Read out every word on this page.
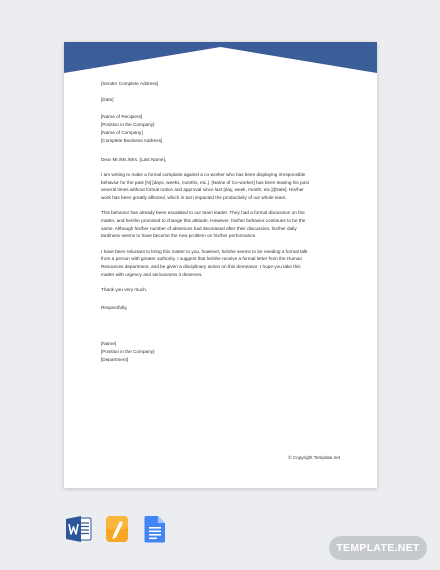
[Sender Complete Address]
[Date]
[Name of Recipient]
[Position in the Company]
[Name of Company]
[Complete Business Address]
Dear Mr./Ms./Mrs. [Last Name],
I am writing to make a formal complaint against a co-worker who has been displaying irresponsible
behavior for the past [N] [days, weeks, months, etc.]. [Name of Co-worker] has been leaving his post
several times without formal notice and approval since last [day, week, month, etc.]/[Date]. His/her
work has been greatly affected, which in turn impacted the productivity of our whole team.
This behavior has already been escalated to our team leader. They had a formal discussion on the
matter, and he/she promised to change this attitude. However, his/her behavior continues to be the
same. Although his/her number of absences had decreased after their discussion, his/her daily
tardiness seems to have become the new problem on his/her performance.
I have been reluctant to bring this matter to you, however, he/she seems to be needing a formal talk
from a person with greater authority. I suggest that he/she receive a formal letter from the Human
Resources department, and be given a disciplinary action on this demeanor. I hope you take this
matter with urgency and seriousness it deserves.
Thank you very much.
Respectfully,
[Name]
[Position in the Company]
[Department]
© Copyright Template.net
TEMPLATE.NET
